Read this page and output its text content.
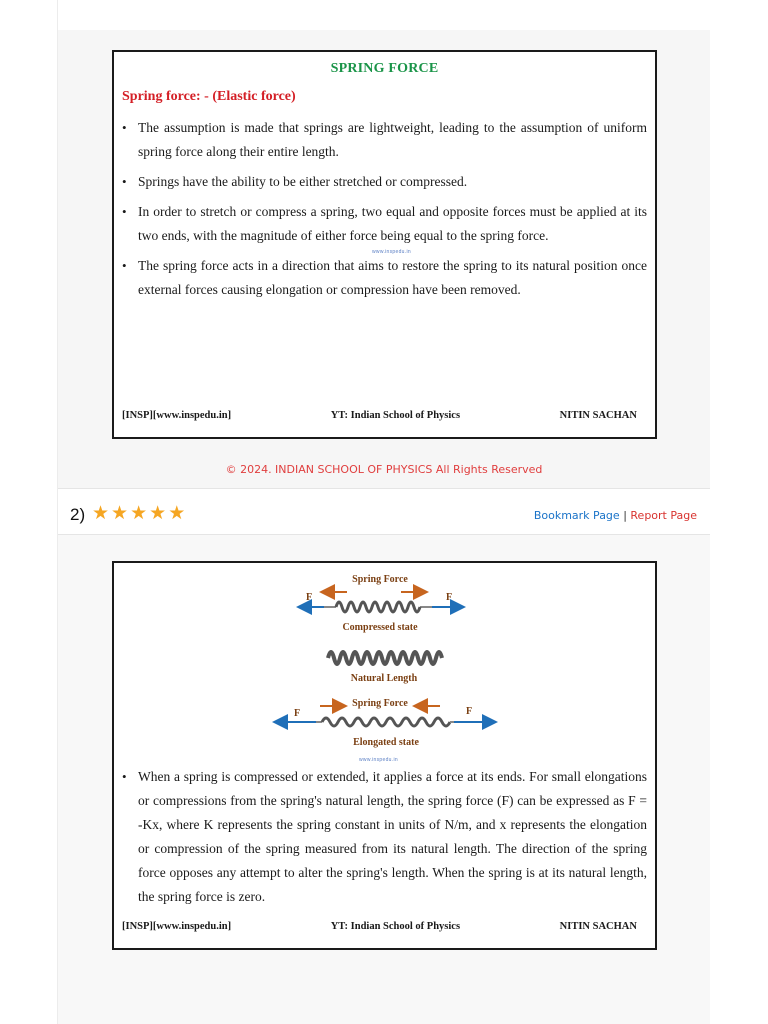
SPRING FORCE
Spring force: - (Elastic force)
• The assumption is made that springs are lightweight, leading to the assumption of uniform spring force along their entire length.
• Springs have the ability to be either stretched or compressed.
• In order to stretch or compress a spring, two equal and opposite forces must be applied at its two ends, with the magnitude of either force being equal to the spring force.
• The spring force acts in a direction that aims to restore the spring to its natural position once external forces causing elongation or compression have been removed.
www.inspedu.in
[INSP][www.inspedu.in]	YT: Indian School of Physics	NITIN SACHAN
© 2024. INDIAN SCHOOL OF PHYSICS All Rights Reserved
2) ★ ★ ★ ★ ★	Bookmark Page | Report Page
Spring Force
F	F
Compressed state
Natural Length
Spring Force
F	F
Elongated state
www.inspedu.in
• When a spring is compressed or extended, it applies a force at its ends. For small elongations or compressions from the spring's natural length, the spring force (F) can be expressed as F = -Kx, where K represents the spring constant in units of N/m, and x represents the elongation or compression of the spring measured from its natural length. The direction of the spring force opposes any attempt to alter the spring's length. When the spring is at its natural length, the spring force is zero.
[INSP][www.inspedu.in]	YT: Indian School of Physics	NITIN SACHAN
